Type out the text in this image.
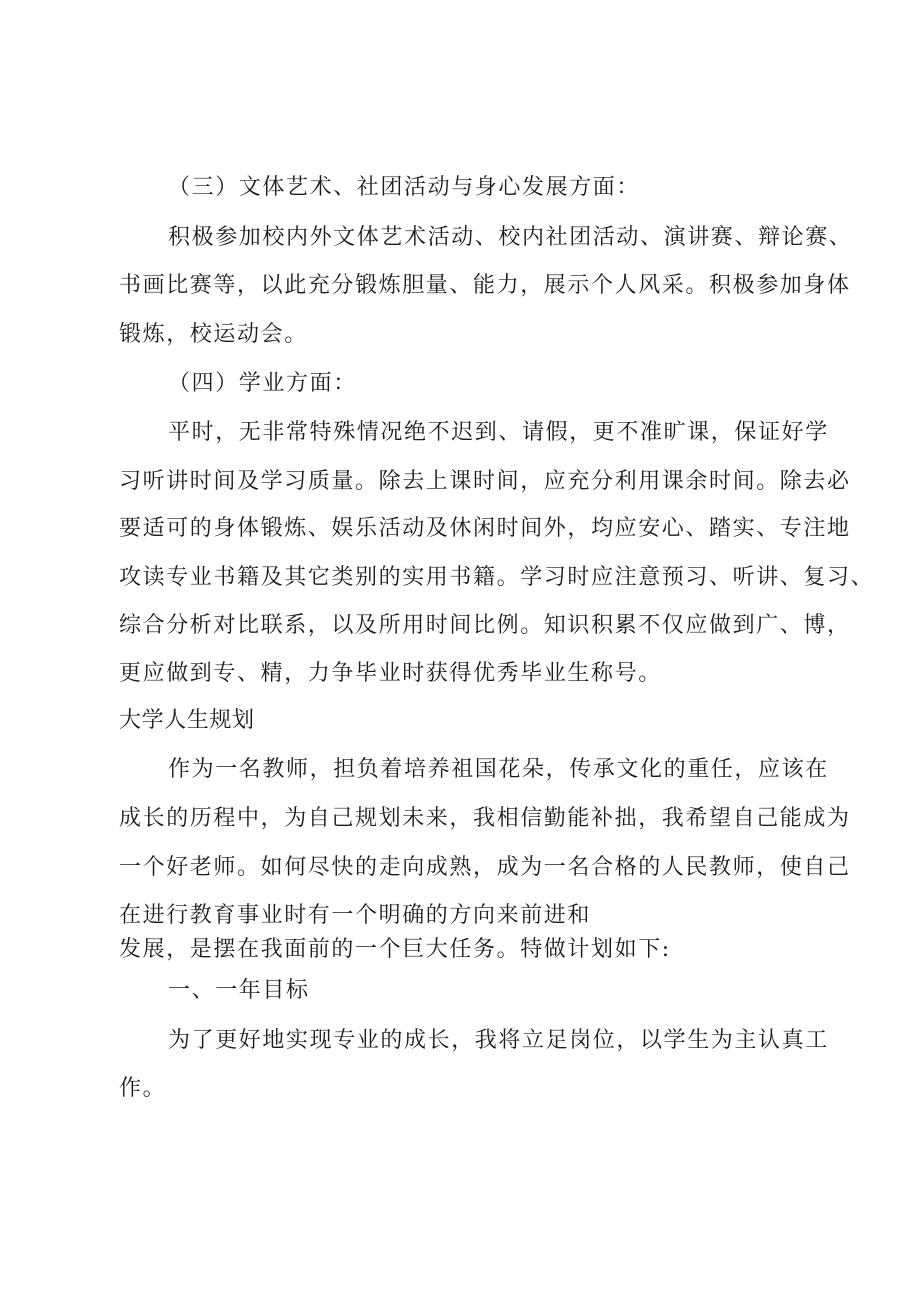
（三）文体艺术、社团活动与身心发展方面：
积极参加校内外文体艺术活动、校内社团活动、演讲赛、辩论赛、
书画比赛等，以此充分锻炼胆量、能力，展示个人风采。积极参加身体
锻炼，校运动会。
（四）学业方面：
平时，无非常特殊情况绝不迟到、请假，更不准旷课，保证好学
习听讲时间及学习质量。除去上课时间，应充分利用课余时间。除去必
要适可的身体锻炼、娱乐活动及休闲时间外，均应安心、踏实、专注地
攻读专业书籍及其它类别的实用书籍。学习时应注意预习、听讲、复习、
综合分析对比联系，以及所用时间比例。知识积累不仅应做到广、博，
更应做到专、精，力争毕业时获得优秀毕业生称号。
大学人生规划
作为一名教师，担负着培养祖国花朵，传承文化的重任，应该在
成长的历程中，为自己规划未来，我相信勤能补拙，我希望自己能成为
一个好老师。如何尽快的走向成熟，成为一名合格的人民教师，使自己
在进行教育事业时有一个明确的方向来前进和
发展，是摆在我面前的一个巨大任务。特做计划如下:
一、一年目标
为了更好地实现专业的成长，我将立足岗位，以学生为主认真工
作。
